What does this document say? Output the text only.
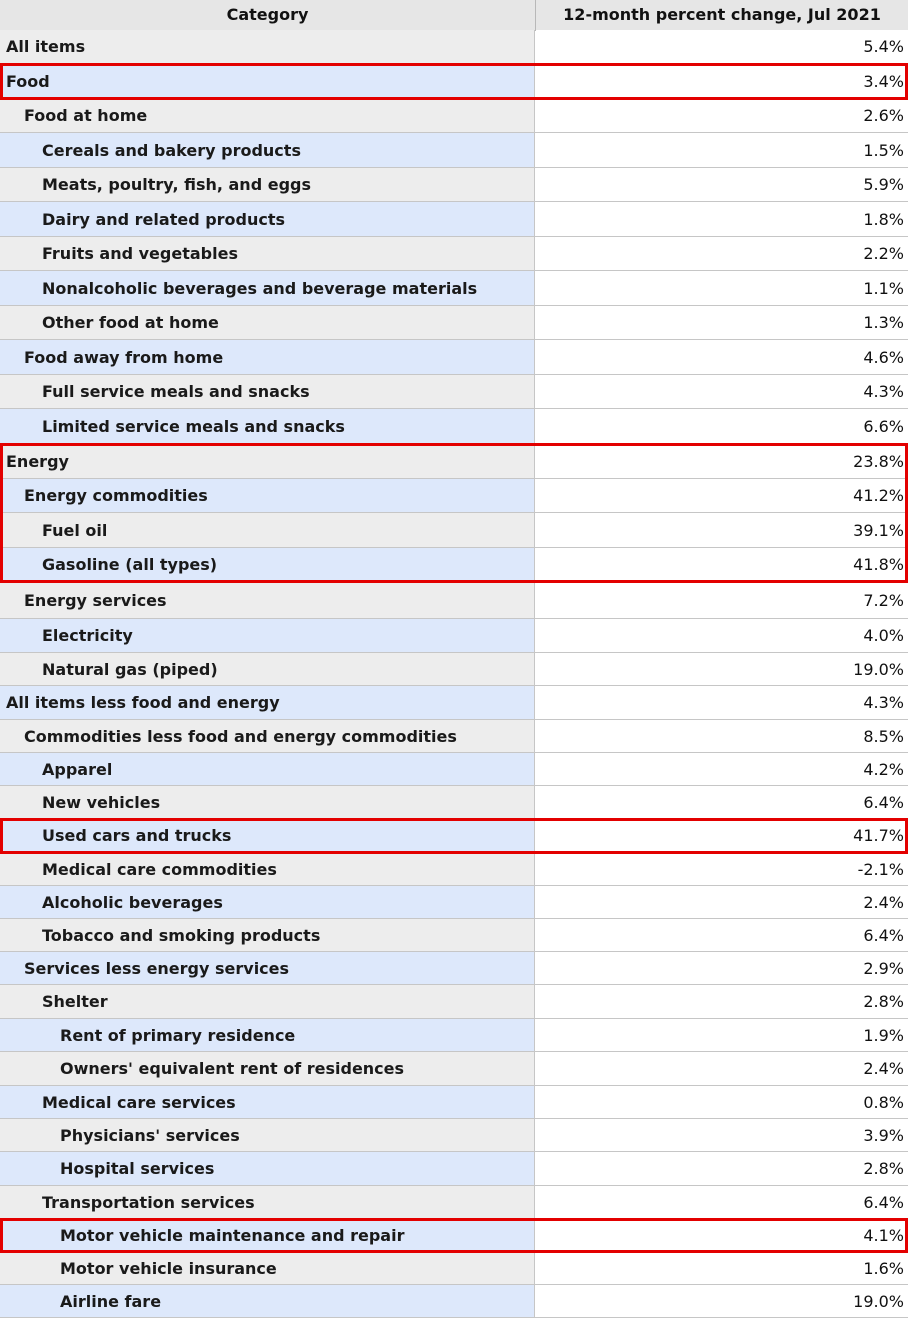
Category	12-month percent change, Jul 2021
All items	5.4%
Food	3.4%
Food at home	2.6%
Cereals and bakery products	1.5%
Meats, poultry, fish, and eggs	5.9%
Dairy and related products	1.8%
Fruits and vegetables	2.2%
Nonalcoholic beverages and beverage materials	1.1%
Other food at home	1.3%
Food away from home	4.6%
Full service meals and snacks	4.3%
Limited service meals and snacks	6.6%
Energy	23.8%
Energy commodities	41.2%
Fuel oil	39.1%
Gasoline (all types)	41.8%
Energy services	7.2%
Electricity	4.0%
Natural gas (piped)	19.0%
All items less food and energy	4.3%
Commodities less food and energy commodities	8.5%
Apparel	4.2%
New vehicles	6.4%
Used cars and trucks	41.7%
Medical care commodities	-2.1%
Alcoholic beverages	2.4%
Tobacco and smoking products	6.4%
Services less energy services	2.9%
Shelter	2.8%
Rent of primary residence	1.9%
Owners' equivalent rent of residences	2.4%
Medical care services	0.8%
Physicians' services	3.9%
Hospital services	2.8%
Transportation services	6.4%
Motor vehicle maintenance and repair	4.1%
Motor vehicle insurance	1.6%
Airline fare	19.0%
